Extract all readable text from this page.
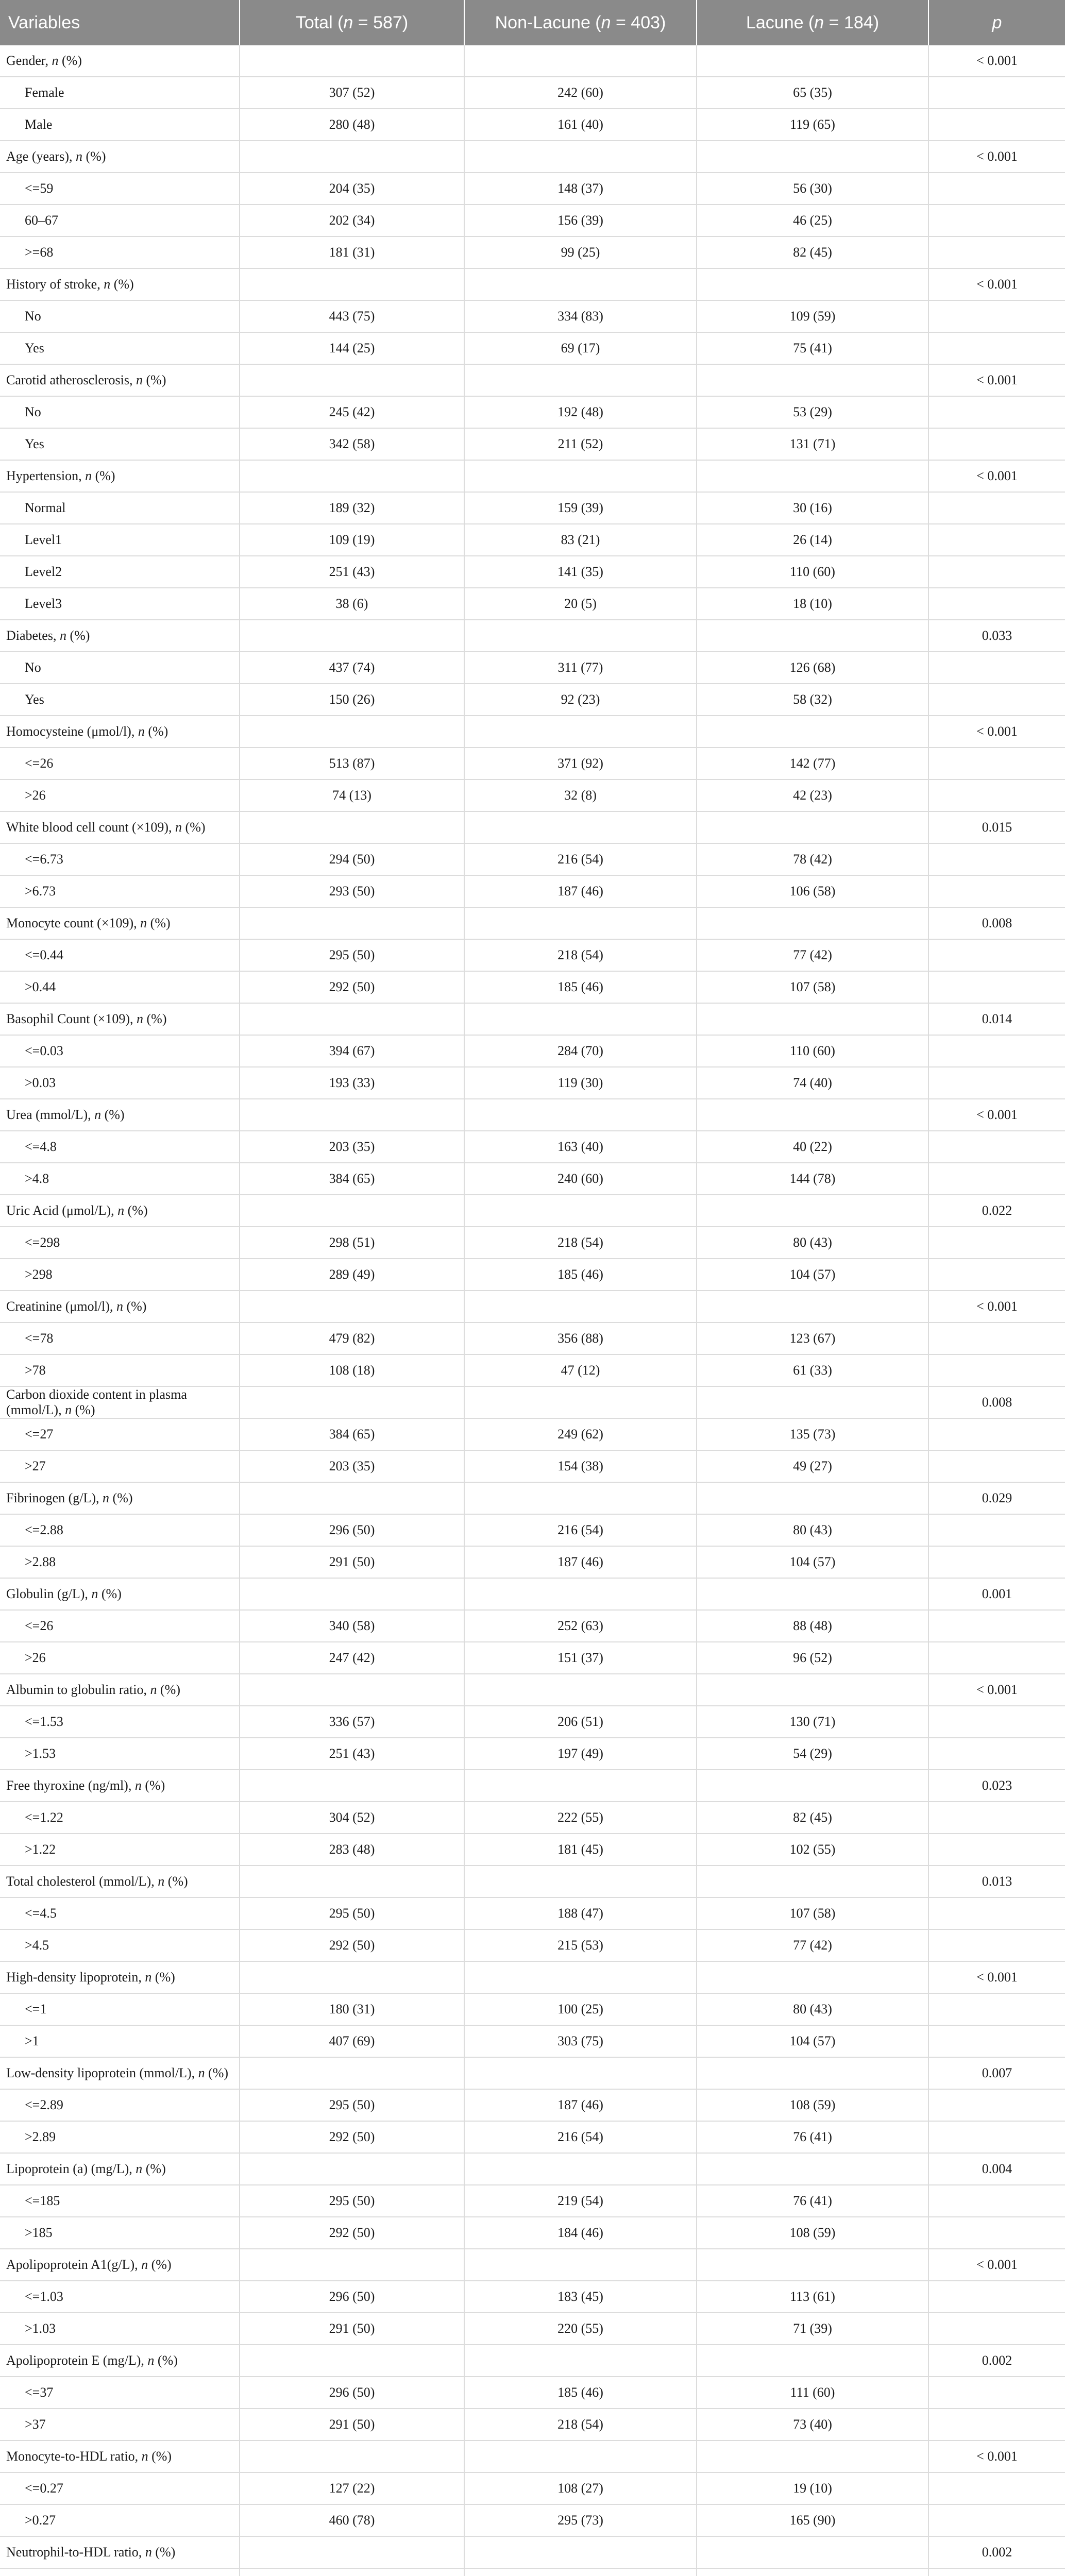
Variables	Total (n = 587)	Non-Lacune (n = 403)	Lacune (n = 184)	p
Gender, n (%)				< 0.001
Female	307 (52)	242 (60)	65 (35)	
Male	280 (48)	161 (40)	119 (65)	
Age (years), n (%)				< 0.001
<=59	204 (35)	148 (37)	56 (30)	
60–67	202 (34)	156 (39)	46 (25)	
>=68	181 (31)	99 (25)	82 (45)	
History of stroke, n (%)				< 0.001
No	443 (75)	334 (83)	109 (59)	
Yes	144 (25)	69 (17)	75 (41)	
Carotid atherosclerosis, n (%)				< 0.001
No	245 (42)	192 (48)	53 (29)	
Yes	342 (58)	211 (52)	131 (71)	
Hypertension, n (%)				< 0.001
Normal	189 (32)	159 (39)	30 (16)	
Level1	109 (19)	83 (21)	26 (14)	
Level2	251 (43)	141 (35)	110 (60)	
Level3	38 (6)	20 (5)	18 (10)	
Diabetes, n (%)				0.033
No	437 (74)	311 (77)	126 (68)	
Yes	150 (26)	92 (23)	58 (32)	
Homocysteine (μmol/l), n (%)				< 0.001
<=26	513 (87)	371 (92)	142 (77)	
>26	74 (13)	32 (8)	42 (23)	
White blood cell count (×109), n (%)				0.015
<=6.73	294 (50)	216 (54)	78 (42)	
>6.73	293 (50)	187 (46)	106 (58)	
Monocyte count (×109), n (%)				0.008
<=0.44	295 (50)	218 (54)	77 (42)	
>0.44	292 (50)	185 (46)	107 (58)	
Basophil Count (×109), n (%)				0.014
<=0.03	394 (67)	284 (70)	110 (60)	
>0.03	193 (33)	119 (30)	74 (40)	
Urea (mmol/L), n (%)				< 0.001
<=4.8	203 (35)	163 (40)	40 (22)	
>4.8	384 (65)	240 (60)	144 (78)	
Uric Acid (μmol/L), n (%)				0.022
<=298	298 (51)	218 (54)	80 (43)	
>298	289 (49)	185 (46)	104 (57)	
Creatinine (μmol/l), n (%)				< 0.001
<=78	479 (82)	356 (88)	123 (67)	
>78	108 (18)	47 (12)	61 (33)	
Carbon dioxide content in plasma (mmol/L), n (%)				0.008
<=27	384 (65)	249 (62)	135 (73)	
>27	203 (35)	154 (38)	49 (27)	
Fibrinogen (g/L), n (%)				0.029
<=2.88	296 (50)	216 (54)	80 (43)	
>2.88	291 (50)	187 (46)	104 (57)	
Globulin (g/L), n (%)				0.001
<=26	340 (58)	252 (63)	88 (48)	
>26	247 (42)	151 (37)	96 (52)	
Albumin to globulin ratio, n (%)				< 0.001
<=1.53	336 (57)	206 (51)	130 (71)	
>1.53	251 (43)	197 (49)	54 (29)	
Free thyroxine (ng/ml), n (%)				0.023
<=1.22	304 (52)	222 (55)	82 (45)	
>1.22	283 (48)	181 (45)	102 (55)	
Total cholesterol (mmol/L), n (%)				0.013
<=4.5	295 (50)	188 (47)	107 (58)	
>4.5	292 (50)	215 (53)	77 (42)	
High-density lipoprotein, n (%)				< 0.001
<=1	180 (31)	100 (25)	80 (43)	
>1	407 (69)	303 (75)	104 (57)	
Low-density lipoprotein (mmol/L), n (%)				0.007
<=2.89	295 (50)	187 (46)	108 (59)	
>2.89	292 (50)	216 (54)	76 (41)	
Lipoprotein (a) (mg/L), n (%)				0.004
<=185	295 (50)	219 (54)	76 (41)	
>185	292 (50)	184 (46)	108 (59)	
Apolipoprotein A1(g/L), n (%)				< 0.001
<=1.03	296 (50)	183 (45)	113 (61)	
>1.03	291 (50)	220 (55)	71 (39)	
Apolipoprotein E (mg/L), n (%)				0.002
<=37	296 (50)	185 (46)	111 (60)	
>37	291 (50)	218 (54)	73 (40)	
Monocyte-to-HDL ratio, n (%)				< 0.001
<=0.27	127 (22)	108 (27)	19 (10)	
>0.27	460 (78)	295 (73)	165 (90)	
Neutrophil-to-HDL ratio, n (%)				0.002
